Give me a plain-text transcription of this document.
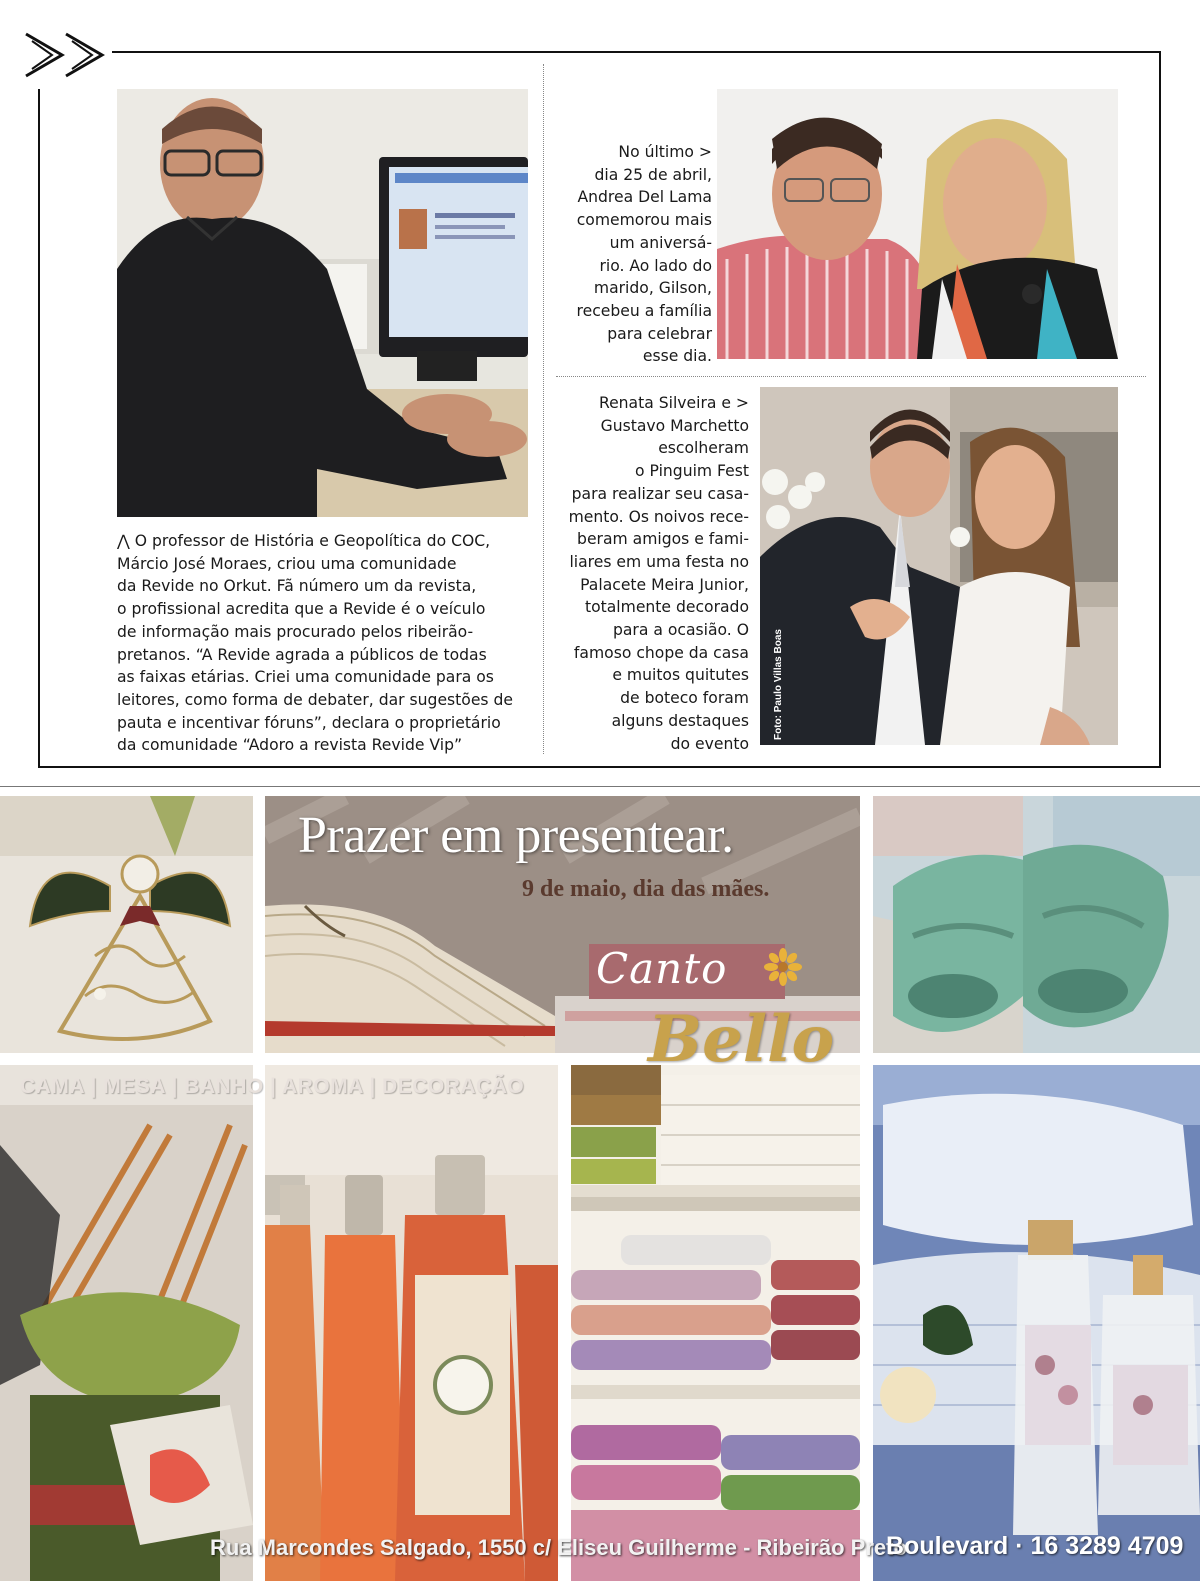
⋀ O professor de História e Geopolítica do COC,
Márcio José Moraes, criou uma comunidade
da Revide no Orkut. Fã número um da revista,
o profissional acredita que a Revide é o veículo
de informação mais procurado pelos ribeirão-
pretanos. “A Revide agrada a públicos de todas
as faixas etárias. Criei uma comunidade para os
leitores, como forma de debater, dar sugestões de
pauta e incentivar fóruns”, declara o proprietário
da comunidade “Adoro a revista Revide Vip”
No último >
dia 25 de abril,
Andrea Del Lama
comemorou mais
um aniversá-
rio. Ao lado do
marido, Gilson,
recebeu a família
para celebrar
esse dia.
Renata Silveira e >
Gustavo Marchetto
escolheram
o Pinguim Fest
para realizar seu casa-
mento. Os noivos rece-
beram amigos e fami-
liares em uma festa no
Palacete Meira Junior,
totalmente decorado
para a ocasião. O
famoso chope da casa
e muitos quitutes
de boteco foram
alguns destaques
do evento
Foto: Paulo Villas Boas
Prazer em presentear.
9 de maio, dia das mães.
Canto
Bello
CAMA | MESA | BANHO | AROMA | DECORAÇÃO
Rua Marcondes Salgado, 1550 c/ Eliseu Guilherme - Ribeirão Preto
Boulevard · 16 3289 4709
